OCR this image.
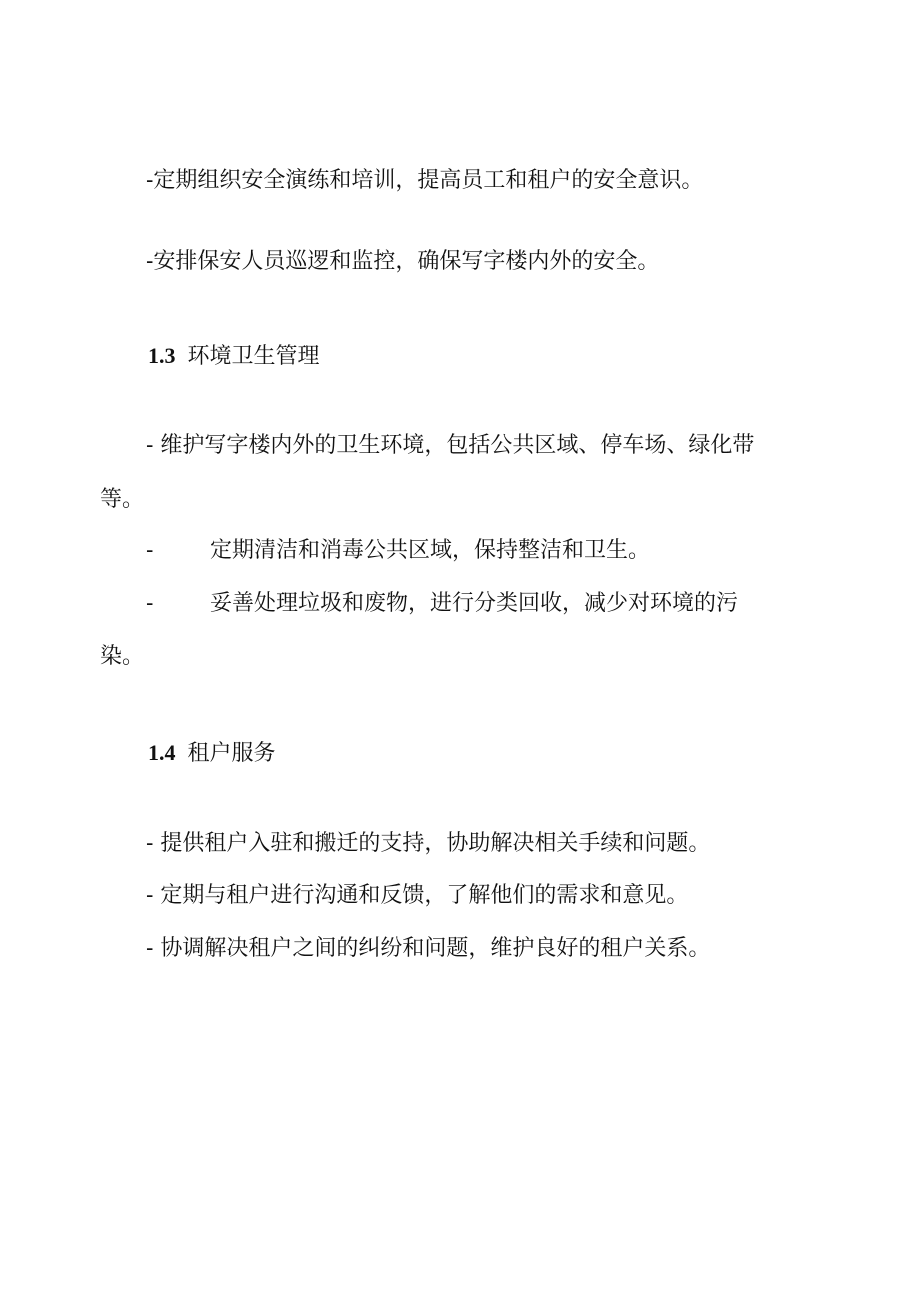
-定期组织安全演练和培训，提高员工和租户的安全意识。
-安排保安人员巡逻和监控，确保写字楼内外的安全。
1.3 环境卫生管理
- 维护写字楼内外的卫生环境，包括公共区域、停车场、绿化带
等。
-	定期清洁和消毒公共区域，保持整洁和卫生。
-	妥善处理垃圾和废物，进行分类回收，减少对环境的污
染。
1.4 租户服务
- 提供租户入驻和搬迁的支持，协助解决相关手续和问题。
- 定期与租户进行沟通和反馈，了解他们的需求和意见。
- 协调解决租户之间的纠纷和问题，维护良好的租户关系。
